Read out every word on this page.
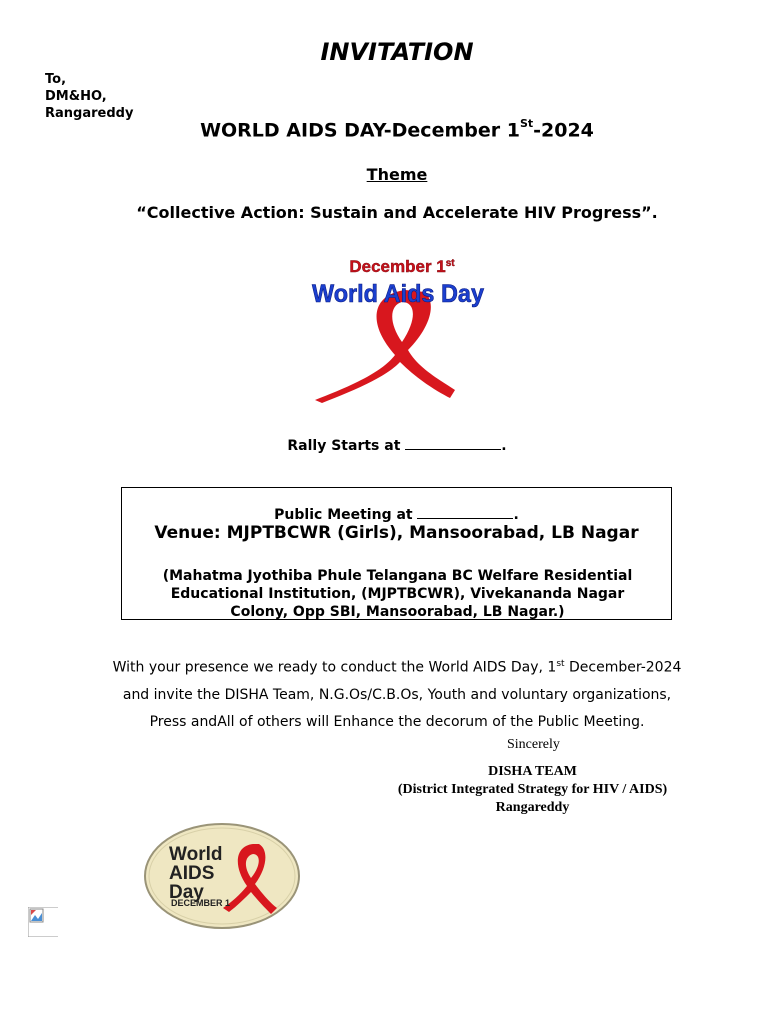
INVITATION
To,
DM&HO,
Rangareddy
WORLD AIDS DAY-December 1St-2024
Theme
“Collective Action: Sustain and Accelerate HIV Progress”.
December 1st
World Aids Day
Rally Starts at	.
Public Meeting at	.
Venue: MJPTBCWR (Girls), Mansoorabad, LB Nagar
(Mahatma Jyothiba Phule Telangana BC Welfare Residential
Educational Institution, (MJPTBCWR), Vivekananda Nagar
Colony, Opp SBI, Mansoorabad, LB Nagar.)
With your presence we ready to conduct the World AIDS Day, 1st December-2024
and invite the DISHA Team, N.G.Os/C.B.Os, Youth and voluntary organizations,
Press andAll of others will Enhance the decorum of the Public Meeting.
Sincerely
DISHA TEAM
(District Integrated Strategy for HIV / AIDS)
Rangareddy
World
AIDS
Day
DECEMBER 1
